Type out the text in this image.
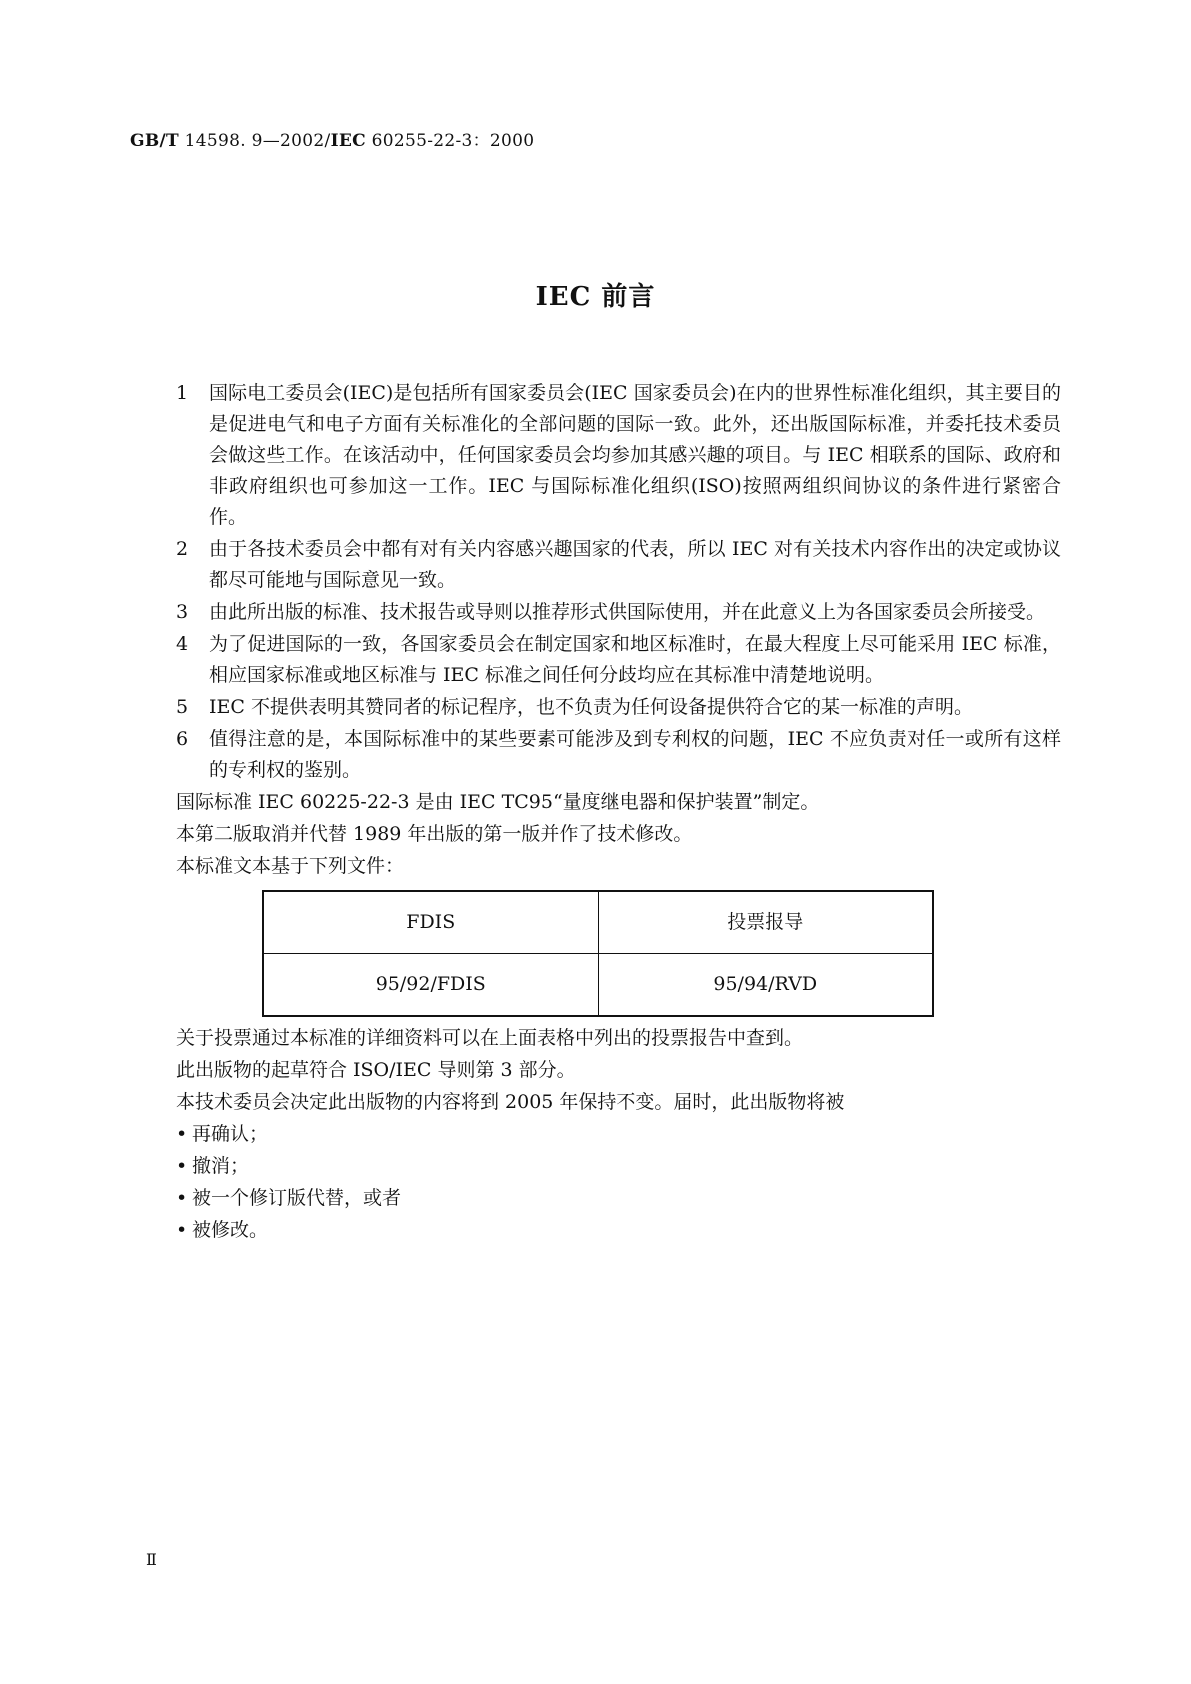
GB/T 14598. 9—2002/IEC 60255-22-3：2000
IEC 前言
1	国际电工委员会(IEC)是包括所有国家委员会(IEC 国家委员会)在内的世界性标准化组织，其主要目的是促进电气和电子方面有关标准化的全部问题的国际一致。此外，还出版国际标准，并委托技术委员会做这些工作。在该活动中，任何国家委员会均参加其感兴趣的项目。与 IEC 相联系的国际、政府和非政府组织也可参加这一工作。IEC 与国际标准化组织(ISO)按照两组织间协议的条件进行紧密合作。
2	由于各技术委员会中都有对有关内容感兴趣国家的代表，所以 IEC 对有关技术内容作出的决定或协议都尽可能地与国际意见一致。
3	由此所出版的标准、技术报告或导则以推荐形式供国际使用，并在此意义上为各国家委员会所接受。
4	为了促进国际的一致，各国家委员会在制定国家和地区标准时，在最大程度上尽可能采用 IEC 标准，相应国家标准或地区标准与 IEC 标准之间任何分歧均应在其标准中清楚地说明。
5	IEC 不提供表明其赞同者的标记程序，也不负责为任何设备提供符合它的某一标准的声明。
6	值得注意的是，本国际标准中的某些要素可能涉及到专利权的问题，IEC 不应负责对任一或所有这样的专利权的鉴别。
国际标准 IEC 60225-22-3 是由 IEC TC95“量度继电器和保护装置”制定。
本第二版取消并代替 1989 年出版的第一版并作了技术修改。
本标准文本基于下列文件：
FDIS	投票报导
95/92/FDIS	95/94/RVD
关于投票通过本标准的详细资料可以在上面表格中列出的投票报告中查到。
此出版物的起草符合 ISO/IEC 导则第 3 部分。
本技术委员会决定此出版物的内容将到 2005 年保持不变。届时，此出版物将被
• 再确认；
• 撤消；
• 被一个修订版代替，或者
• 被修改。
Ⅱ
